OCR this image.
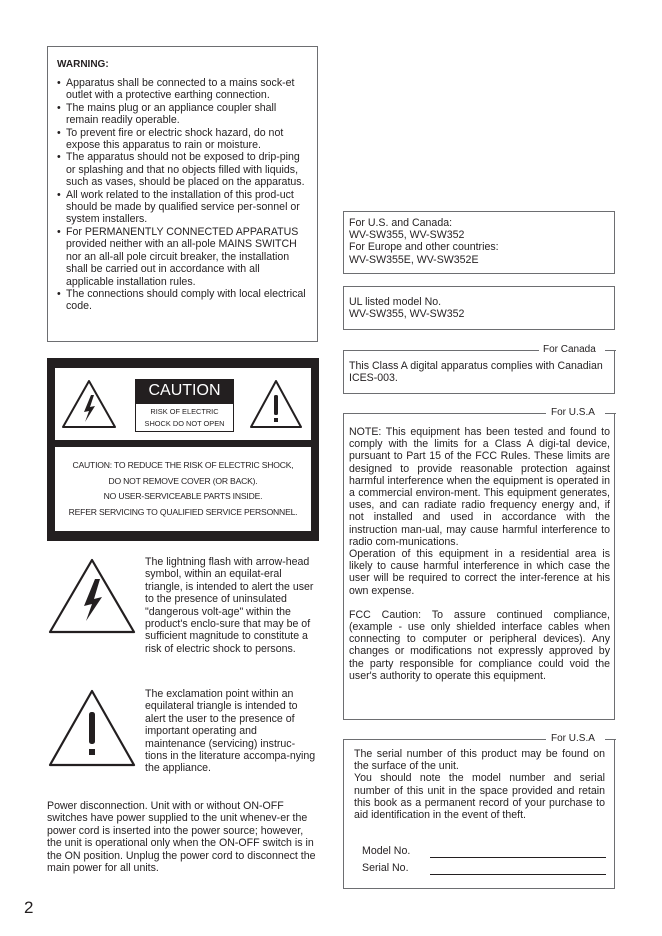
WARNING:
• Apparatus shall be connected to a mains sock-et outlet with a protective earthing connection.
• The mains plug or an appliance coupler shall remain readily operable.
• To prevent fire or electric shock hazard, do not expose this apparatus to rain or moisture.
• The apparatus should not be exposed to drip-ping or splashing and that no objects filled with liquids, such as vases, should be placed on the apparatus.
• All work related to the installation of this prod-uct should be made by qualified service per-sonnel or system installers.
• For PERMANENTLY CONNECTED APPARATUS provided neither with an all-pole MAINS SWITCH nor an all-all pole circuit breaker, the installation shall be carried out in accordance with all applicable installation rules.
• The connections should comply with local electrical code.
CAUTION
RISK OF ELECTRIC
SHOCK DO NOT OPEN
CAUTION: TO REDUCE THE RISK OF ELECTRIC SHOCK,
DO NOT REMOVE COVER (OR BACK).
NO USER-SERVICEABLE PARTS INSIDE.
REFER SERVICING TO QUALIFIED SERVICE PERSONNEL.
The lightning flash with arrow-head symbol, within an equilat-eral triangle, is intended to alert the user to the presence of uninsulated "dangerous volt-age" within the product's enclo-sure that may be of sufficient magnitude to constitute a risk of electric shock to persons.
The exclamation point within an equilateral triangle is intended to alert the user to the presence of important operating and maintenance (servicing) instruc-tions in the literature accompa-nying the appliance.
Power disconnection. Unit with or without ON-OFF switches have power supplied to the unit whenev-er the power cord is inserted into the power source; however, the unit is operational only when the ON-OFF switch is in the ON position. Unplug the power cord to disconnect the main power for all units.
For U.S. and Canada:
WV-SW355, WV-SW352
For Europe and other countries:
WV-SW355E, WV-SW352E
UL listed model No.
WV-SW355, WV-SW352
For Canada
This Class A digital apparatus complies with Canadian ICES-003.
For U.S.A
NOTE: This equipment has been tested and found to comply with the limits for a Class A digi-tal device, pursuant to Part 15 of the FCC Rules. These limits are designed to provide reasonable protection against harmful interference when the equipment is operated in a commercial environ-ment. This equipment generates, uses, and can radiate radio frequency energy and, if not installed and used in accordance with the instruction man-ual, may cause harmful interference to radio com-munications.
Operation of this equipment in a residential area is likely to cause harmful interference in which case the user will be required to correct the inter-ference at his own expense.
FCC Caution: To assure continued compliance, (example - use only shielded interface cables when connecting to computer or peripheral devices). Any changes or modifications not expressly approved by the party responsible for compliance could void the user's authority to operate this equipment.
For U.S.A
The serial number of this product may be found on the surface of the unit.
You should note the model number and serial number of this unit in the space provided and retain this book as a permanent record of your purchase to aid identification in the event of theft.
Model No.
Serial No.
2
